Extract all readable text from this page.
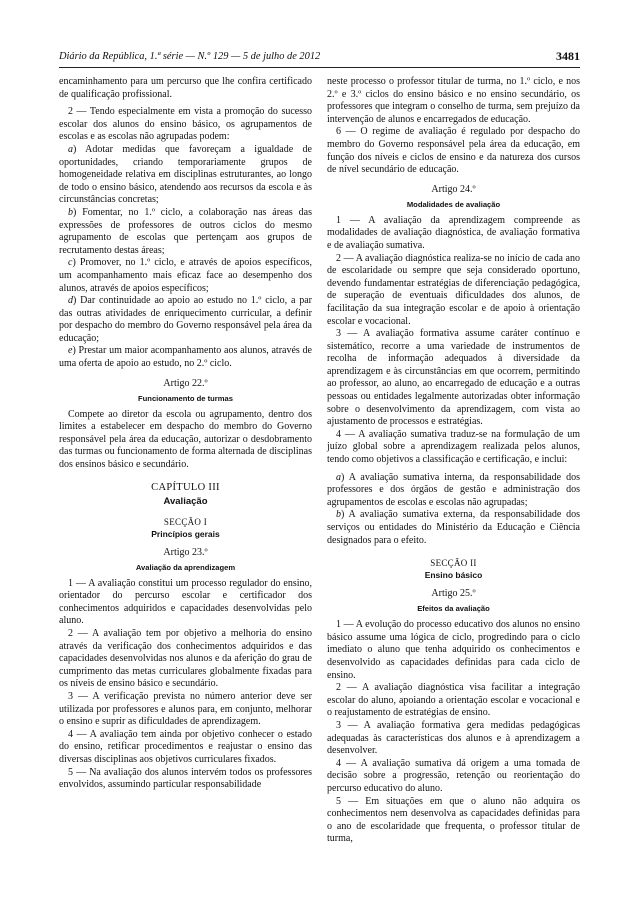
Diário da República, 1.ª série — N.º 129 — 5 de julho de 2012	3481

encaminhamento para um percurso que lhe confira certificado de qualificação profissional.

2 — Tendo especialmente em vista a promoção do sucesso escolar dos alunos do ensino básico, os agrupamentos de escolas e as escolas não agrupadas podem:

a) Adotar medidas que favoreçam a igualdade de oportunidades, criando temporariamente grupos de homogeneidade relativa em disciplinas estruturantes, ao longo de todo o ensino básico, atendendo aos recursos da escola e às circunstâncias concretas;

b) Fomentar, no 1.º ciclo, a colaboração nas áreas das expressões de professores de outros ciclos do mesmo agrupamento de escolas que pertençam aos grupos de recrutamento destas áreas;

c) Promover, no 1.º ciclo, e através de apoios específicos, um acompanhamento mais eficaz face ao desempenho dos alunos, através de apoios específicos;

d) Dar continuidade ao apoio ao estudo no 1.º ciclo, a par das outras atividades de enriquecimento curricular, a definir por despacho do membro do Governo responsável pela área da educação;

e) Prestar um maior acompanhamento aos alunos, através de uma oferta de apoio ao estudo, no 2.º ciclo.

Artigo 22.º
Funcionamento de turmas

Compete ao diretor da escola ou agrupamento, dentro dos limites a estabelecer em despacho do membro do Governo responsável pela área da educação, autorizar o desdobramento das turmas ou funcionamento de forma alternada de disciplinas dos ensinos básico e secundário.

CAPÍTULO III
Avaliação
SECÇÃO I
Princípios gerais
Artigo 23.º
Avaliação da aprendizagem

1 — A avaliação constitui um processo regulador do ensino, orientador do percurso escolar e certificador dos conhecimentos adquiridos e capacidades desenvolvidas pelo aluno.

2 — A avaliação tem por objetivo a melhoria do ensino através da verificação dos conhecimentos adquiridos e das capacidades desenvolvidas nos alunos e da aferição do grau de cumprimento das metas curriculares globalmente fixadas para os níveis de ensino básico e secundário.

3 — A verificação prevista no número anterior deve ser utilizada por professores e alunos para, em conjunto, melhorar o ensino e suprir as dificuldades de aprendizagem.

4 — A avaliação tem ainda por objetivo conhecer o estado do ensino, retificar procedimentos e reajustar o ensino das diversas disciplinas aos objetivos curriculares fixados.

5 — Na avaliação dos alunos intervém todos os professores envolvidos, assumindo particular responsabilidade

neste processo o professor titular de turma, no 1.º ciclo, e nos 2.º e 3.º ciclos do ensino básico e no ensino secundário, os professores que integram o conselho de turma, sem prejuízo da intervenção de alunos e encarregados de educação.

6 — O regime de avaliação é regulado por despacho do membro do Governo responsável pela área da educação, em função dos níveis e ciclos de ensino e da natureza dos cursos de nível secundário de educação.

Artigo 24.º
Modalidades de avaliação

1 — A avaliação da aprendizagem compreende as modalidades de avaliação diagnóstica, de avaliação formativa e de avaliação sumativa.

2 — A avaliação diagnóstica realiza-se no início de cada ano de escolaridade ou sempre que seja considerado oportuno, devendo fundamentar estratégias de diferenciação pedagógica, de superação de eventuais dificuldades dos alunos, de facilitação da sua integração escolar e de apoio à orientação escolar e vocacional.

3 — A avaliação formativa assume caráter contínuo e sistemático, recorre a uma variedade de instrumentos de recolha de informação adequados à diversidade da aprendizagem e às circunstâncias em que ocorrem, permitindo ao professor, ao aluno, ao encarregado de educação e a outras pessoas ou entidades legalmente autorizadas obter informação sobre o desenvolvimento da aprendizagem, com vista ao ajustamento de processos e estratégias.

4 — A avaliação sumativa traduz-se na formulação de um juízo global sobre a aprendizagem realizada pelos alunos, tendo como objetivos a classificação e certificação, e inclui:

a) A avaliação sumativa interna, da responsabilidade dos professores e dos órgãos de gestão e administração dos agrupamentos de escolas e escolas não agrupadas;

b) A avaliação sumativa externa, da responsabilidade dos serviços ou entidades do Ministério da Educação e Ciência designados para o efeito.

SECÇÃO II
Ensino básico
Artigo 25.º
Efeitos da avaliação

1 — A evolução do processo educativo dos alunos no ensino básico assume uma lógica de ciclo, progredindo para o ciclo imediato o aluno que tenha adquirido os conhecimentos e desenvolvido as capacidades definidas para cada ciclo de ensino.

2 — A avaliação diagnóstica visa facilitar a integração escolar do aluno, apoiando a orientação escolar e vocacional e o reajustamento de estratégias de ensino.

3 — A avaliação formativa gera medidas pedagógicas adequadas às características dos alunos e à aprendizagem a desenvolver.

4 — A avaliação sumativa dá origem a uma tomada de decisão sobre a progressão, retenção ou reorientação do percurso educativo do aluno.

5 — Em situações em que o aluno não adquira os conhecimentos nem desenvolva as capacidades definidas para o ano de escolaridade que frequenta, o professor titular de turma,
